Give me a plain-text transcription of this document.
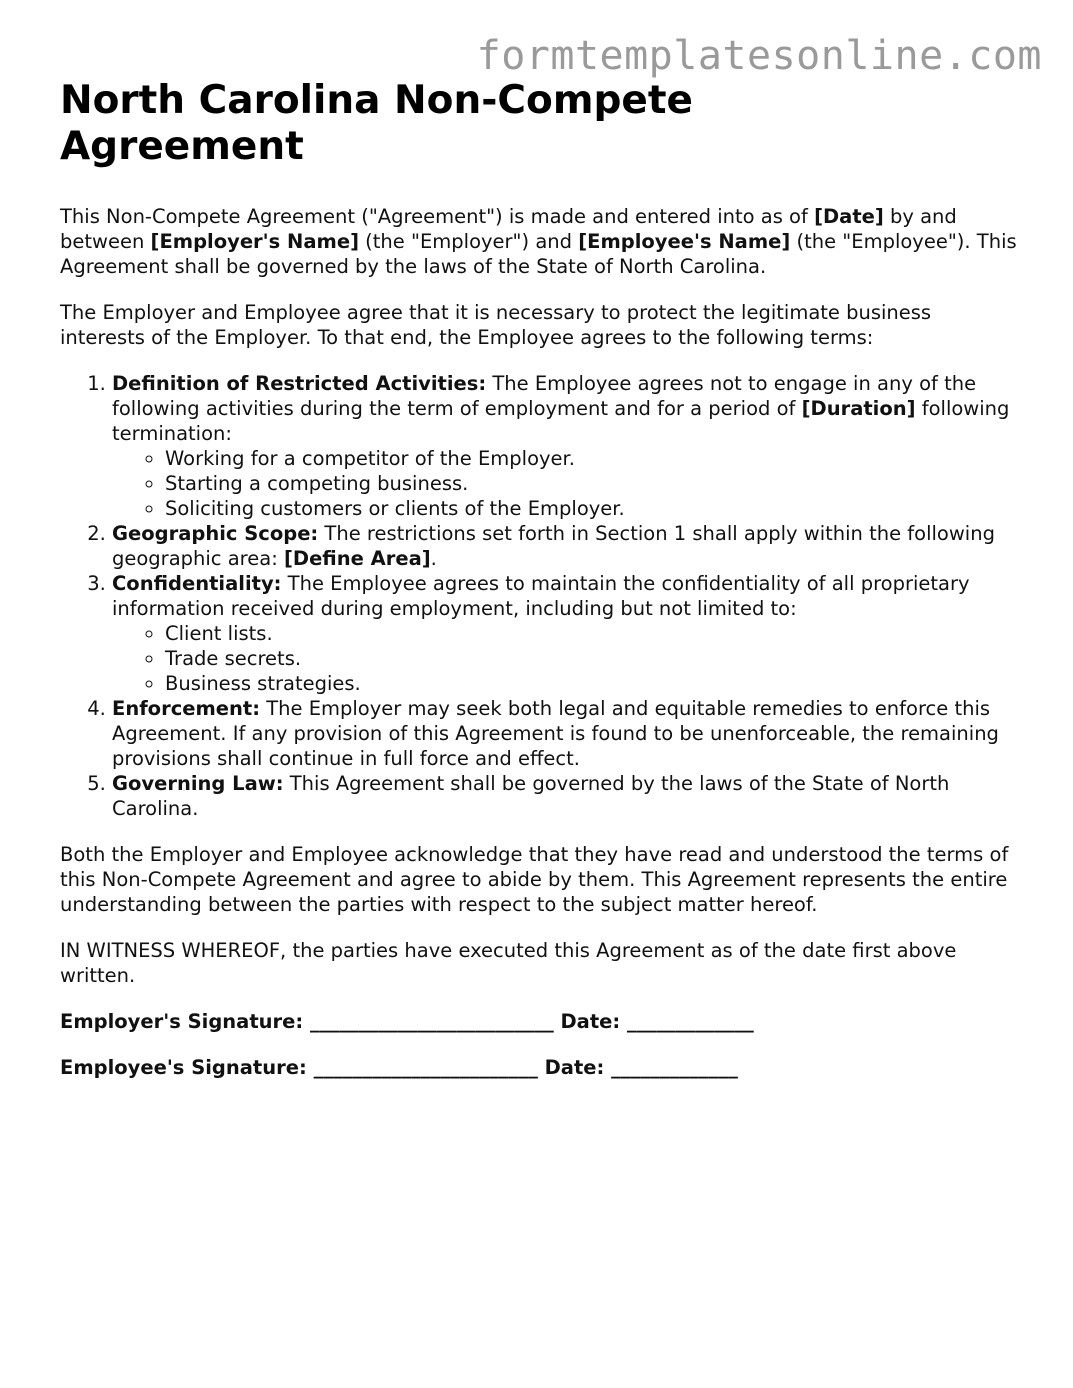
formtemplatesonline.com
North Carolina Non-Compete Agreement

This Non-Compete Agreement ("Agreement") is made and entered into as of [Date] by and between [Employer's Name] (the "Employer") and [Employee's Name] (the "Employee"). This Agreement shall be governed by the laws of the State of North Carolina.

The Employer and Employee agree that it is necessary to protect the legitimate business interests of the Employer. To that end, the Employee agrees to the following terms:

1. Definition of Restricted Activities: The Employee agrees not to engage in any of the following activities during the term of employment and for a period of [Duration] following termination:
◦ Working for a competitor of the Employer.
◦ Starting a competing business.
◦ Soliciting customers or clients of the Employer.
2. Geographic Scope: The restrictions set forth in Section 1 shall apply within the following geographic area: [Define Area].
3. Confidentiality: The Employee agrees to maintain the confidentiality of all proprietary information received during employment, including but not limited to:
◦ Client lists.
◦ Trade secrets.
◦ Business strategies.
4. Enforcement: The Employer may seek both legal and equitable remedies to enforce this Agreement. If any provision of this Agreement is found to be unenforceable, the remaining provisions shall continue in full force and effect.
5. Governing Law: This Agreement shall be governed by the laws of the State of North Carolina.

Both the Employer and Employee acknowledge that they have read and understood the terms of this Non-Compete Agreement and agree to abide by them. This Agreement represents the entire understanding between the parties with respect to the subject matter hereof.

IN WITNESS WHEREOF, the parties have executed this Agreement as of the date first above written.

Employer's Signature: _________________________ Date: _____________

Employee's Signature: _______________________ Date: _____________
